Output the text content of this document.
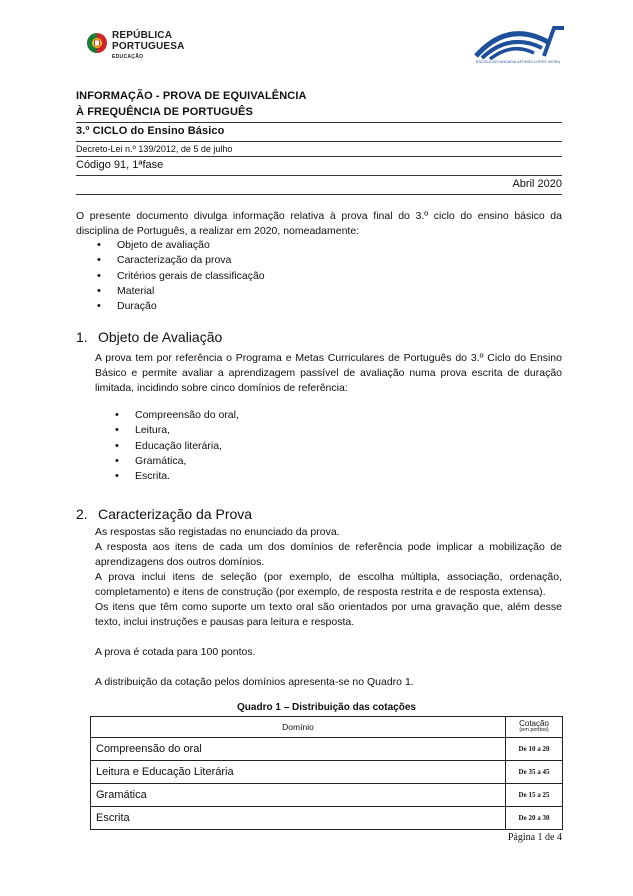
REPÚBLICA
PORTUGUESA
EDUCAÇÃO
ESCOLA SECUNDÁRIA AFONSO LOPES VIEIRA
INFORMAÇÃO - PROVA DE EQUIVALÊNCIA
À FREQUÊNCIA DE PORTUGUÊS
3.º CICLO do Ensino Básico
Decreto-Lei n.º 139/2012, de 5 de julho
Código 91, 1ªfase
Abril 2020
O presente documento divulga informação relativa à prova final do 3.º ciclo do ensino básico da disciplina de Português, a realizar em 2020, nomeadamente:
• Objeto de avaliação
• Caracterização da prova
• Critérios gerais de classificação
• Material
• Duração
1. Objeto de Avaliação
A prova tem por referência o Programa e Metas Curriculares de Português do 3.º Ciclo do Ensino Básico e permite avaliar a aprendizagem passível de avaliação numa prova escrita de duração limitada, incidindo sobre cinco domínios de referência:
• Compreensão do oral,
• Leitura,
• Educação literária,
• Gramática,
• Escrita.
2. Caracterização da Prova
As respostas são registadas no enunciado da prova.
A resposta aos itens de cada um dos domínios de referência pode implicar a mobilização de aprendizagens dos outros domínios.
A prova inclui itens de seleção (por exemplo, de escolha múltipla, associação, ordenação, completamento) e itens de construção (por exemplo, de resposta restrita e de resposta extensa).
Os itens que têm como suporte um texto oral são orientados por uma gravação que, além desse texto, inclui instruções e pausas para leitura e resposta.
A prova é cotada para 100 pontos.
A distribuição da cotação pelos domínios apresenta-se no Quadro 1.
Quadro 1 – Distribuição das cotações
Domínio	Cotação
(em pontos)

Compreensão do oral	De 10 a 20
Leitura e Educação Literária	De 35 a 45
Gramática	De 15 a 25
Escrita	De 20 a 30
Página 1 de 4
